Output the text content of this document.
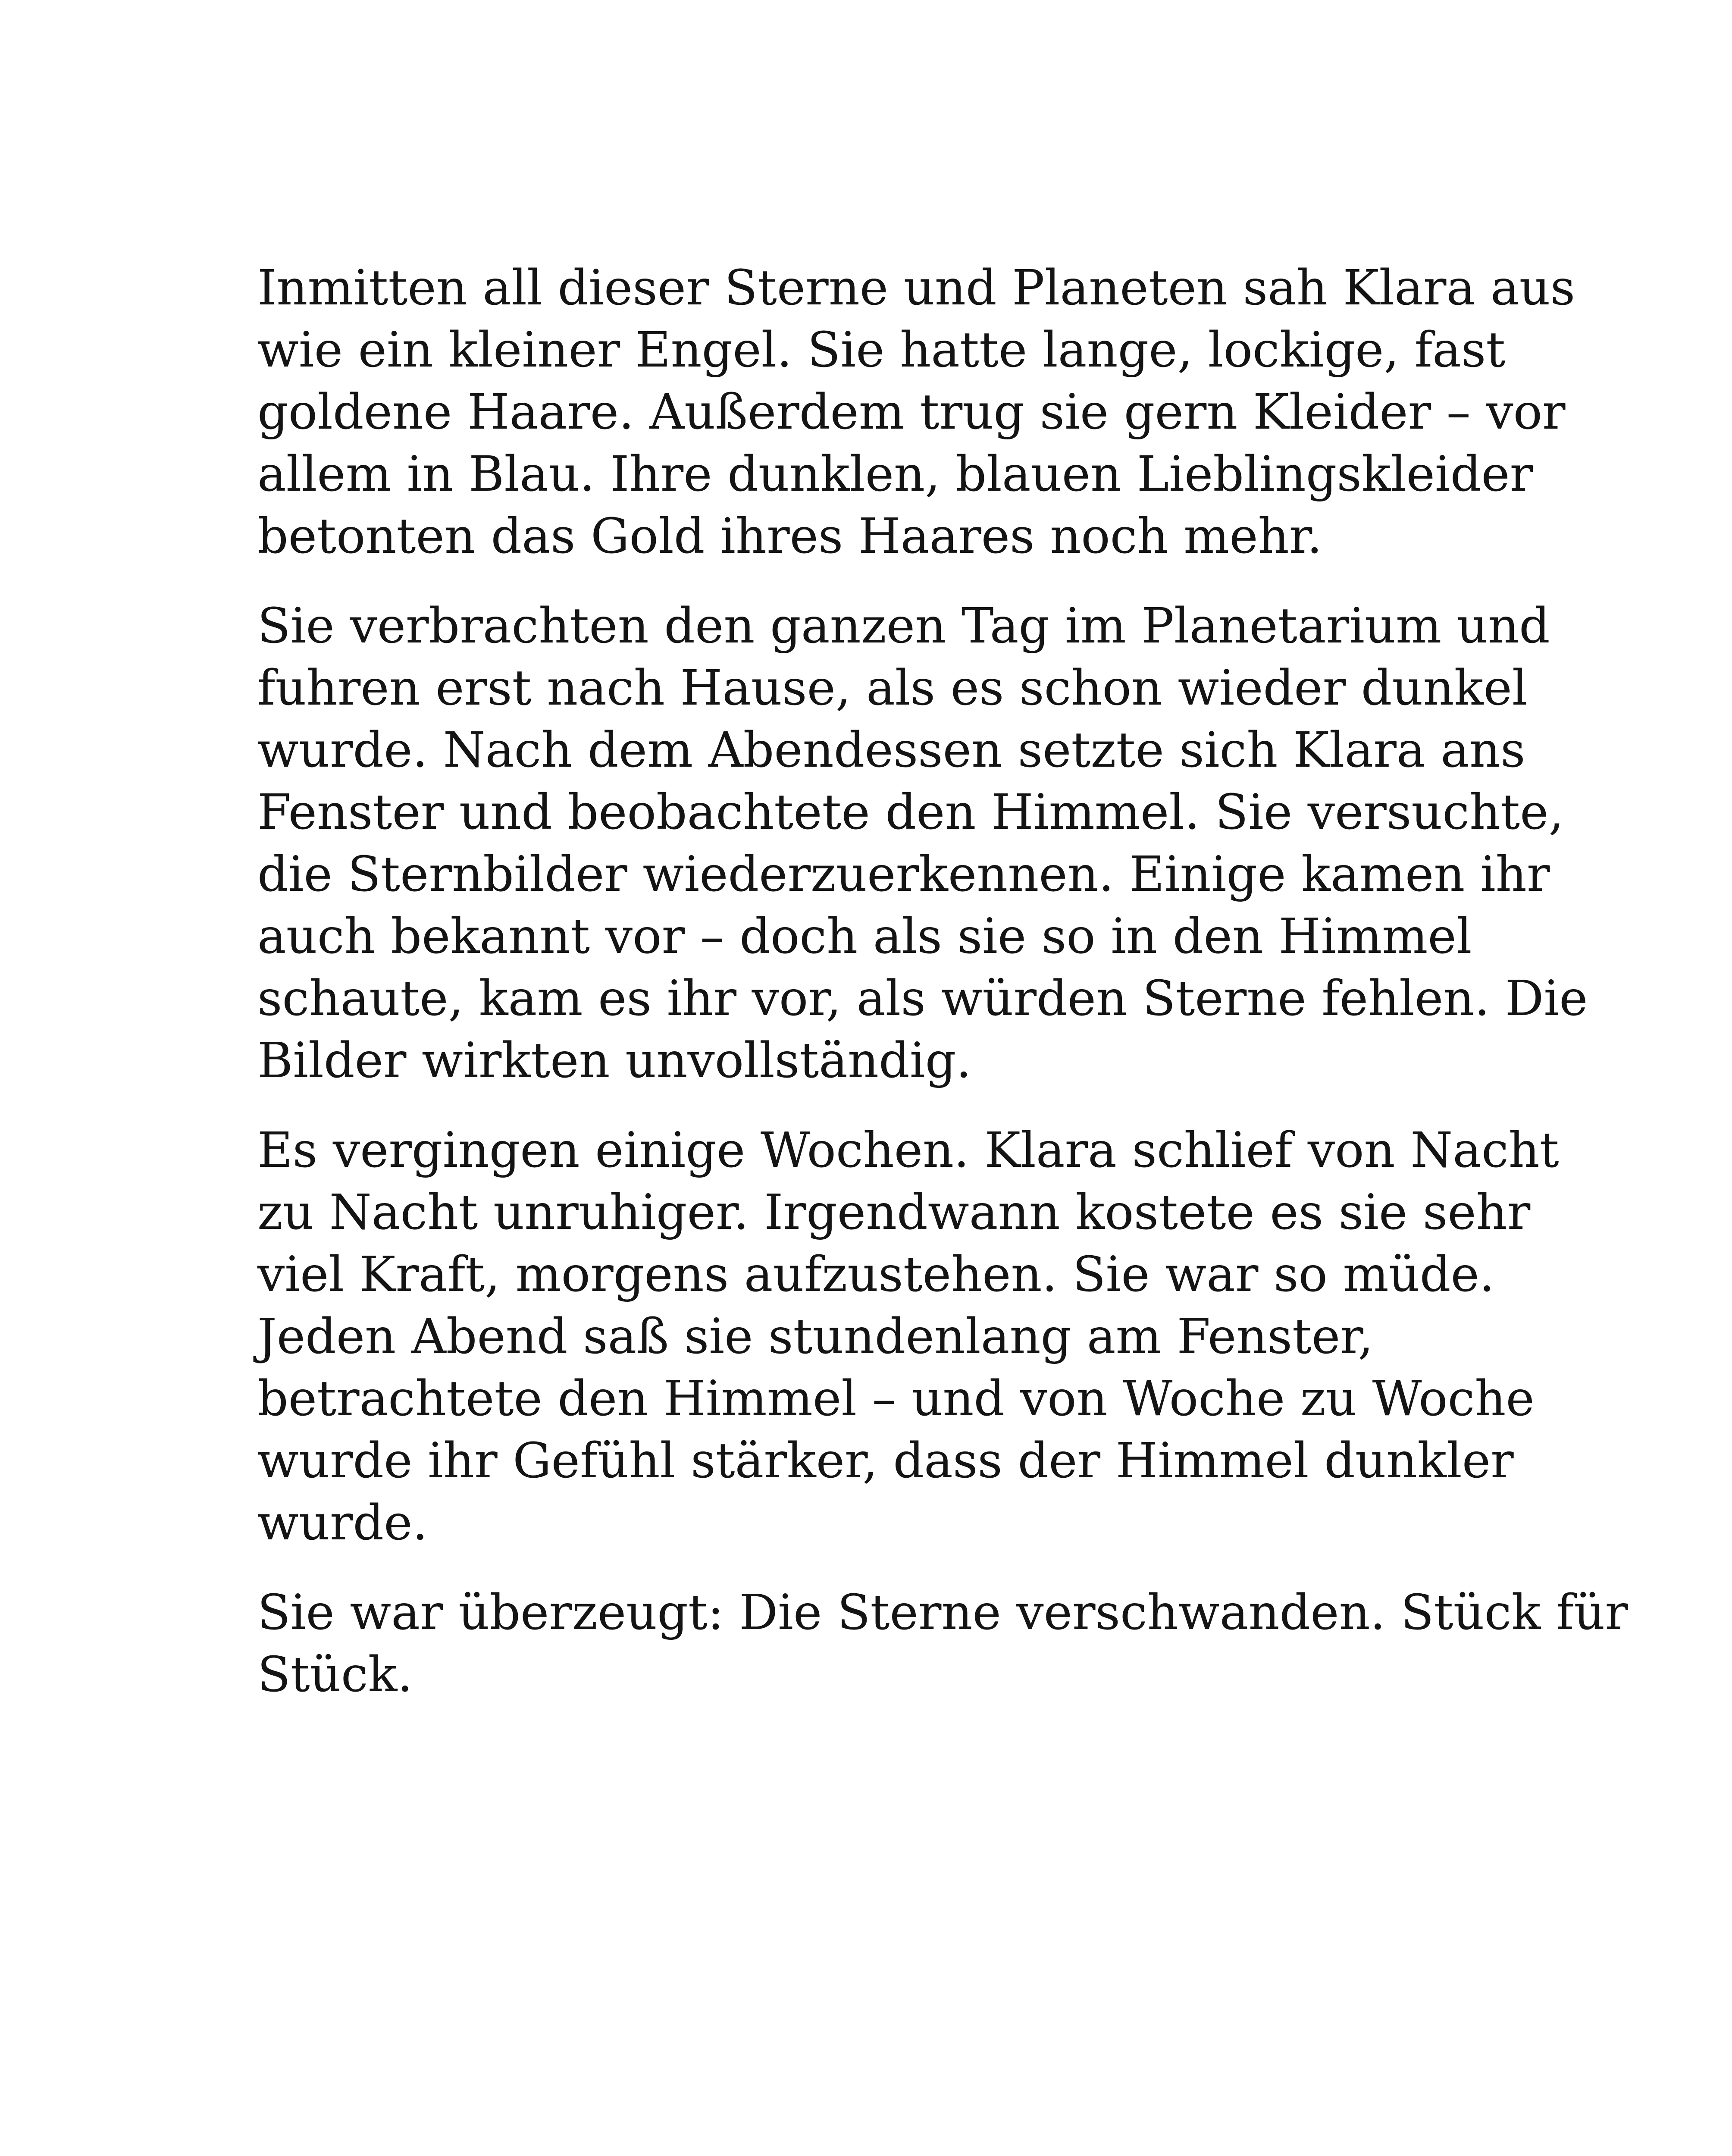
Inmitten all dieser Sterne und Planeten sah Klara aus
wie ein kleiner Engel. Sie hatte lange, lockige, fast
goldene Haare. Außerdem trug sie gern Kleider – vor
allem in Blau. Ihre dunklen, blauen Lieblingskleider
betonten das Gold ihres Haares noch mehr.

Sie verbrachten den ganzen Tag im Planetarium und
fuhren erst nach Hause, als es schon wieder dunkel
wurde. Nach dem Abendessen setzte sich Klara ans
Fenster und beobachtete den Himmel. Sie versuchte,
die Sternbilder wiederzuerkennen. Einige kamen ihr
auch bekannt vor – doch als sie so in den Himmel
schaute, kam es ihr vor, als würden Sterne fehlen. Die
Bilder wirkten unvollständig.

Es vergingen einige Wochen. Klara schlief von Nacht
zu Nacht unruhiger. Irgendwann kostete es sie sehr
viel Kraft, morgens aufzustehen. Sie war so müde.
Jeden Abend saß sie stundenlang am Fenster,
betrachtete den Himmel – und von Woche zu Woche
wurde ihr Gefühl stärker, dass der Himmel dunkler
wurde.

Sie war überzeugt: Die Sterne verschwanden. Stück für
Stück.
